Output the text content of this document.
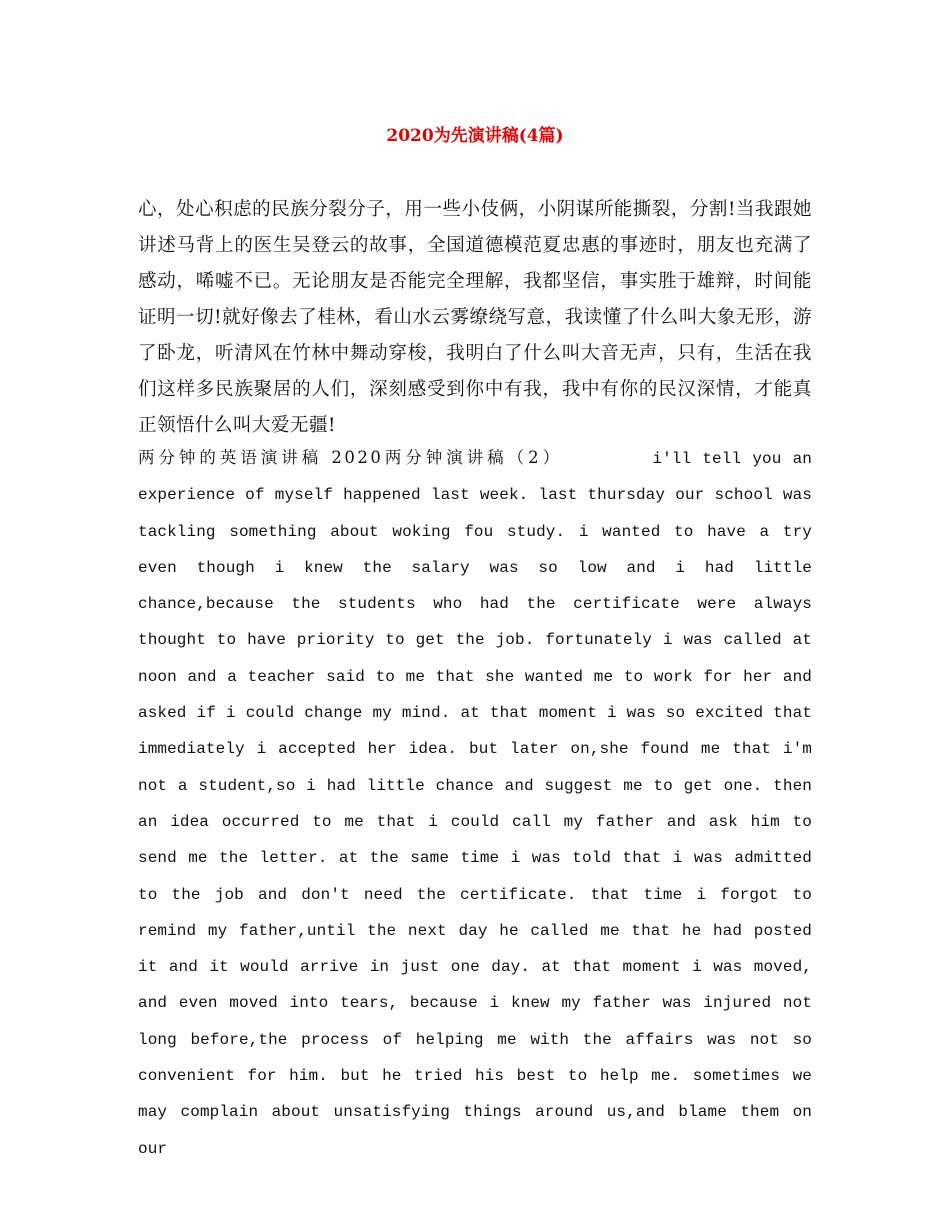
2020为先演讲稿(4篇)

心，处心积虑的民族分裂分子，用一些小伎俩，小阴谋所能撕裂，分割!当我跟她讲述马背上的医生吴登云的故事，全国道德模范夏忠惠的事迹时，朋友也充满了感动，唏嘘不已。无论朋友是否能完全理解，我都坚信，事实胜于雄辩，时间能证明一切!就好像去了桂林，看山水云雾缭绕写意，我读懂了什么叫大象无形，游了卧龙，听清风在竹林中舞动穿梭，我明白了什么叫大音无声，只有，生活在我们这样多民族聚居的人们，深刻感受到你中有我，我中有你的民汉深情，才能真正领悟什么叫大爱无疆!

两分钟的英语演讲稿 2020两分钟演讲稿（2）	i'll tell you an experience of myself happened last week. last thursday our school was tackling something about woking fou study. i wanted to have a try even though i knew the salary was so low and i had little chance,because the students who had the certificate were always thought to have priority to get the job. fortunately i was called at noon and a teacher said to me that she wanted me to work for her and asked if i could change my mind. at that moment i was so excited that immediately i accepted her idea. but later on,she found me that i'm not a student,so i had little chance and suggest me to get one. then an idea occurred to me that i could call my father and ask him to send me the letter. at the same time i was told that i was admitted to the job and don't need the certificate. that time i forgot to remind my father,until the next day he called me that he had posted it and it would arrive in just one day. at that moment i was moved, and even moved into tears, because i knew my father was injured not long before,the process of helping me with the affairs was not so convenient for him. but he tried his best to help me. sometimes we may complain about unsatisfying things around us,and blame them on our
